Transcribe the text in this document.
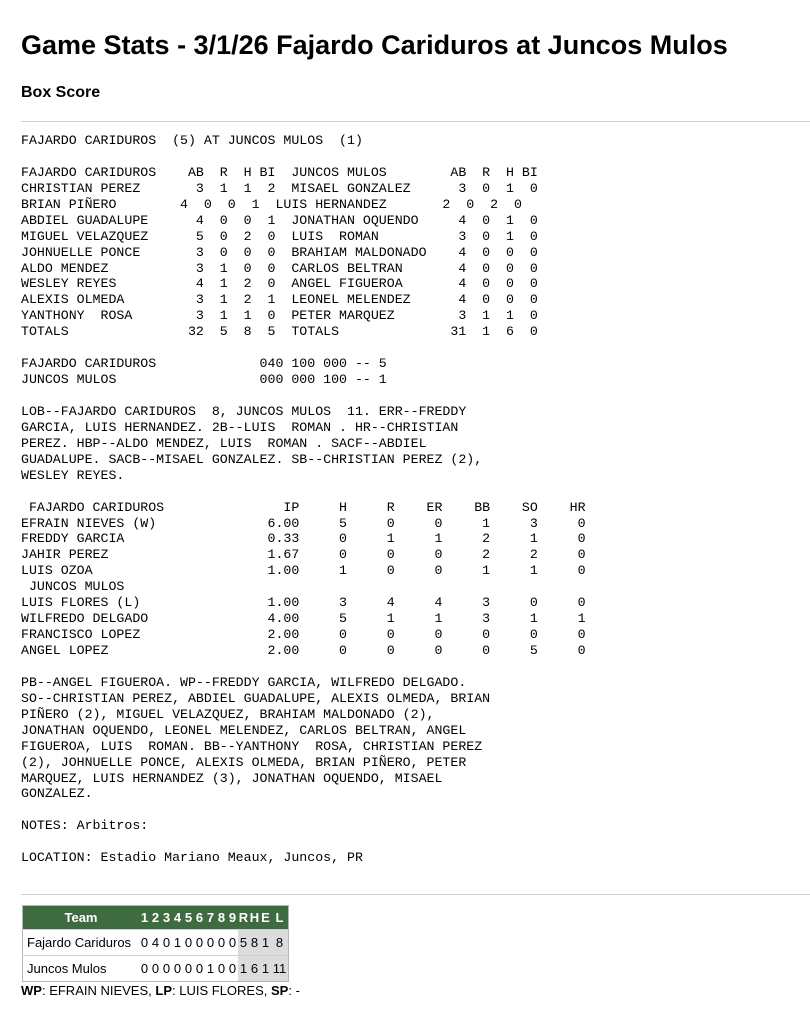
Game Stats - 3/1/26 Fajardo Cariduros at Juncos Mulos
Box Score
FAJARDO CARIDUROS  (5) AT JUNCOS MULOS  (1)

FAJARDO CARIDUROS    AB  R  H BI  JUNCOS MULOS        AB  R  H BI
CHRISTIAN PEREZ       3  1  1  2  MISAEL GONZALEZ      3  0  1  0
BRIAN PIÑERO        4  0  0  1  LUIS HERNANDEZ       2  0  2  0
ABDIEL GUADALUPE      4  0  0  1  JONATHAN OQUENDO     4  0  1  0
MIGUEL VELAZQUEZ      5  0  2  0  LUIS  ROMAN          3  0  1  0
JOHNUELLE PONCE       3  0  0  0  BRAHIAM MALDONADO    4  0  0  0
ALDO MENDEZ           3  1  0  0  CARLOS BELTRAN       4  0  0  0
WESLEY REYES          4  1  2  0  ANGEL FIGUEROA       4  0  0  0
ALEXIS OLMEDA         3  1  2  1  LEONEL MELENDEZ      4  0  0  0
YANTHONY  ROSA        3  1  1  0  PETER MARQUEZ        3  1  1  0
TOTALS               32  5  8  5  TOTALS              31  1  6  0

FAJARDO CARIDUROS             040 100 000 -- 5
JUNCOS MULOS                  000 000 100 -- 1

LOB--FAJARDO CARIDUROS  8, JUNCOS MULOS  11. ERR--FREDDY
GARCIA, LUIS HERNANDEZ. 2B--LUIS  ROMAN . HR--CHRISTIAN
PEREZ. HBP--ALDO MENDEZ, LUIS  ROMAN . SACF--ABDIEL
GUADALUPE. SACB--MISAEL GONZALEZ. SB--CHRISTIAN PEREZ (2),
WESLEY REYES.

FAJARDO CARIDUROS               IP     H     R    ER    BB    SO    HR
EFRAIN NIEVES (W)              6.00     5     0     0     1     3     0
FREDDY GARCIA                  0.33     0     1     1     2     1     0
JAHIR PEREZ                    1.67     0     0     0     2     2     0
LUIS OZOA                      1.00     1     0     0     1     1     0
JUNCOS MULOS
LUIS FLORES (L)                1.00     3     4     4     3     0     0
WILFREDO DELGADO               4.00     5     1     1     3     1     1
FRANCISCO LOPEZ                2.00     0     0     0     0     0     0
ANGEL LOPEZ                    2.00     0     0     0     0     5     0

PB--ANGEL FIGUEROA. WP--FREDDY GARCIA, WILFREDO DELGADO.
SO--CHRISTIAN PEREZ, ABDIEL GUADALUPE, ALEXIS OLMEDA, BRIAN
PIÑERO (2), MIGUEL VELAZQUEZ, BRAHIAM MALDONADO (2),
JONATHAN OQUENDO, LEONEL MELENDEZ, CARLOS BELTRAN, ANGEL
FIGUEROA, LUIS  ROMAN. BB--YANTHONY  ROSA, CHRISTIAN PEREZ
(2), JOHNUELLE PONCE, ALEXIS OLMEDA, BRIAN PIÑERO, PETER
MARQUEZ, LUIS HERNANDEZ (3), JONATHAN OQUENDO, MISAEL
GONZALEZ.

NOTES: Arbitros:

LOCATION: Estadio Mariano Meaux, Juncos, PR
Team	1	2	3	4	5	6	7	8	9	R	H	E	L
Fajardo Cariduros	0	4	0	1	0	0	0	0	0	5	8	1	8
Juncos Mulos	0	0	0	0	0	0	1	0	0	1	6	1	11
WP: EFRAIN NIEVES, LP: LUIS FLORES, SP: -
